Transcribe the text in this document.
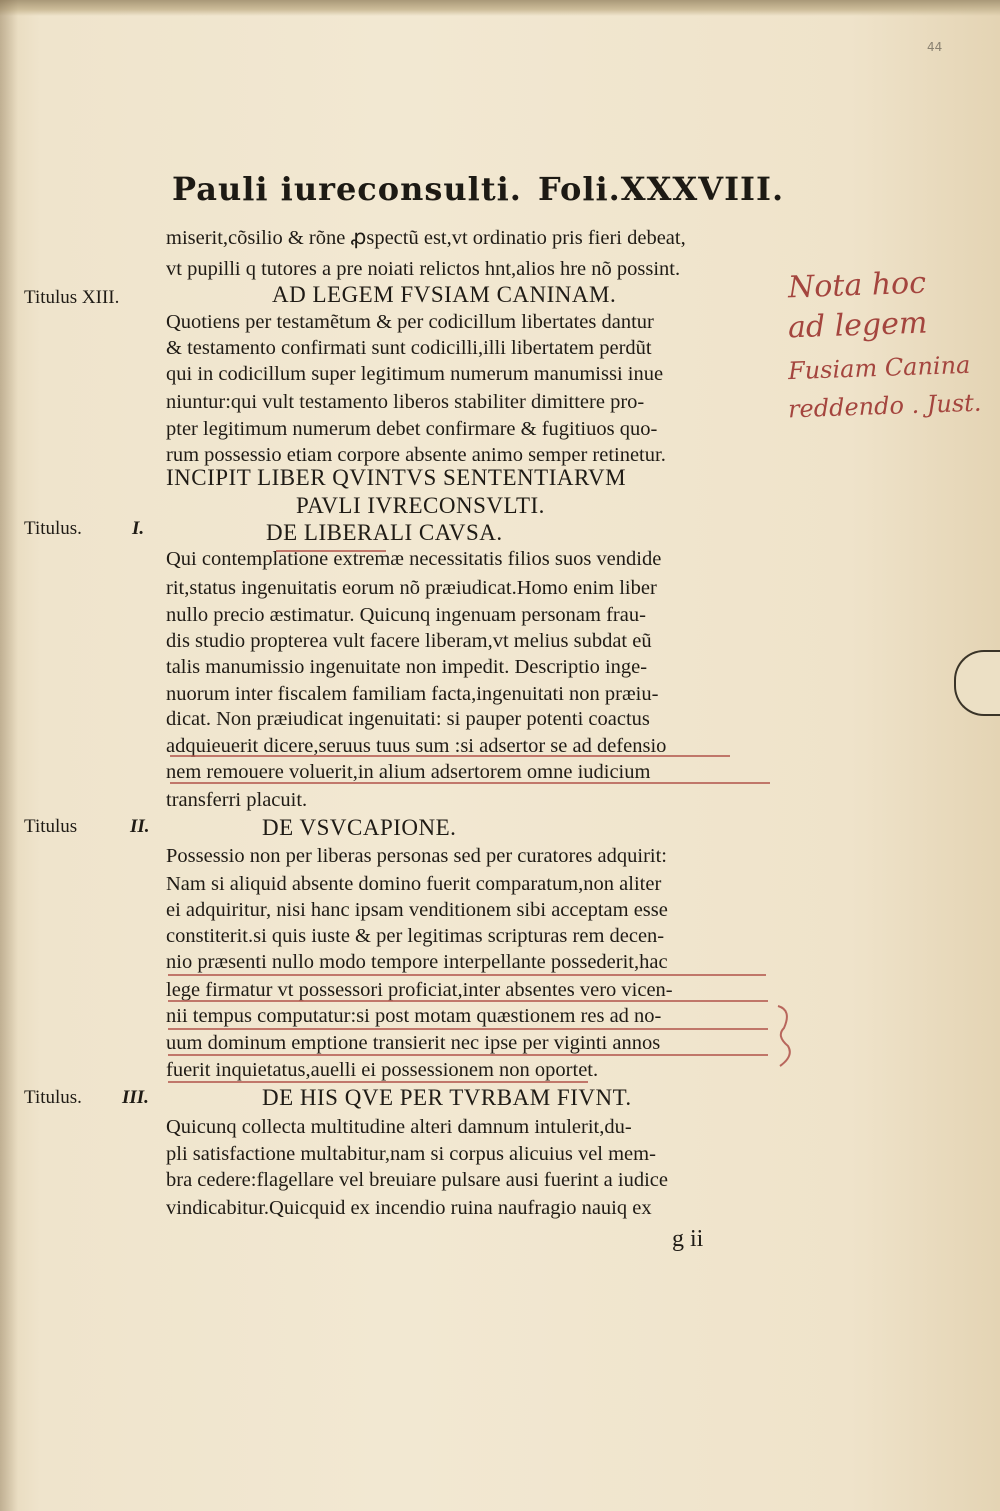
44
Pauli iureconsulti. Foli.XXXVIII.
miserit,cõsilio & rõne ꝓspectũ est,vt ordinatio pris fieri debeat,
vt pupilli q tutores a pre noiati relictos hnt,alios hre nõ possint.
Titulus XIII.	AD LEGEM FVSIAM CANINAM.
Quotiens per testamẽtum & per codicillum libertates dantur
& testamento confirmati sunt codicilli,illi libertatem perdũt
qui in codicillum super legitimum numerum manumissi inue
niuntur:qui vult testamento liberos stabiliter dimittere pro-
pter legitimum numerum debet confirmare & fugitiuos quo-
rum possessio etiam corpore absente animo semper retinetur.
INCIPIT LIBER QVINTVS SENTENTIARVM
PAVLI IVRECONSVLTI.
Titulus.	I.	DE LIBERALI CAVSA.
Qui contemplatione extremæ necessitatis filios suos vendide
rit,status ingenuitatis eorum nõ præiudicat.Homo enim liber
nullo precio æstimatur. Quicunq ingenuam personam frau-
dis studio propterea vult facere liberam,vt melius subdat eũ
talis manumissio ingenuitate non impedit. Descriptio inge-
nuorum inter fiscalem familiam facta,ingenuitati non præiu-
dicat. Non præiudicat ingenuitati: si pauper potenti coactus
adquieuerit dicere,seruus tuus sum :si adsertor se ad defensio
nem remouere voluerit,in alium adsertorem omne iudicium
transferri placuit.
Titulus	II.	DE VSVCAPIONE.
Possessio non per liberas personas sed per curatores adquirit:
Nam si aliquid absente domino fuerit comparatum,non aliter
ei adquiritur, nisi hanc ipsam venditionem sibi acceptam esse
constiterit.si quis iuste & per legitimas scripturas rem decen-
nio præsenti nullo modo tempore interpellante possederit,hac
lege firmatur vt possessori proficiat,inter absentes vero vicen-
nii tempus computatur:si post motam quæstionem res ad no-
uum dominum emptione transierit nec ipse per viginti annos
fuerit inquietatus,auelli ei possessionem non oportet.
Titulus. III.	DE HIS QVE PER TVRBAM FIVNT.
Quicunq collecta multitudine alteri damnum intulerit,du-
pli satisfactione multabitur,nam si corpus alicuius vel mem-
bra cedere:flagellare vel breuiare pulsare ausi fuerint a iudice
vindicabitur.Quicquid ex incendio ruina naufragio nauiq ex
g ii
Nota hoc
ad legem
Fusiam Canina
reddendo . Just.
